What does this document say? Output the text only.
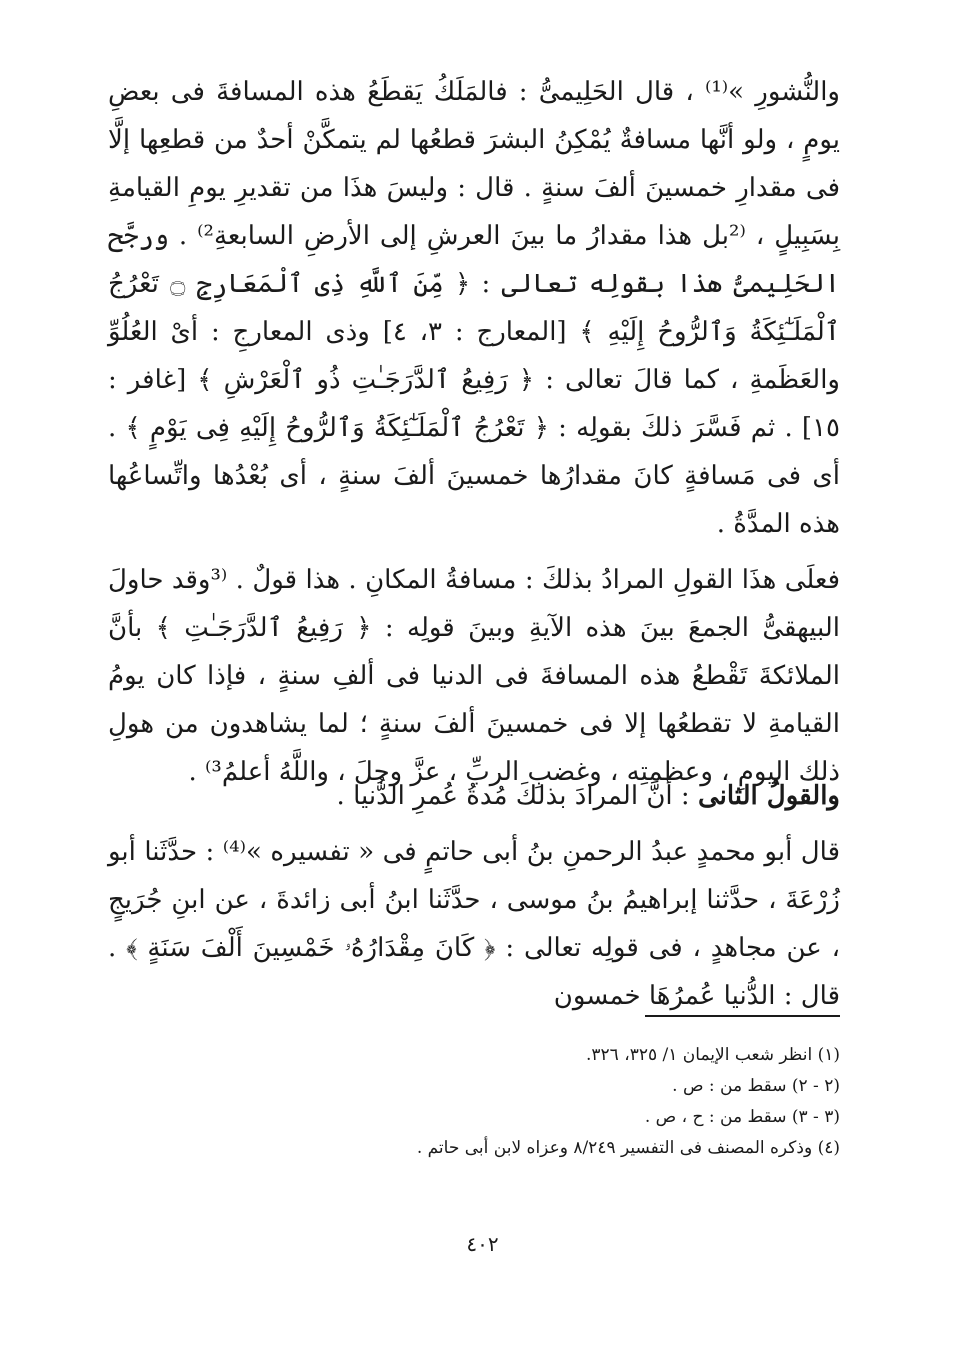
والنُّشورِ »⁽¹⁾ ، قال الحَلِيمىُّ : فالمَلَكُ يَقطَعُ هذه المسافةَ فى بعضِ يومٍ ، ولو أنَّها مسافةٌ يُمْكِنُ البشرَ قطعُها لم يتمكَّنْ أحدٌ من قطعِها إلَّا فى مقدارِ خمسينَ ألفَ سنةٍ . قال : وليسَ هذَا من تقديرِ يومِ القيامةِ بِسَبِيلٍ ، ⁽²بل هذا مقدارُ ما بينَ العرشِ إلى الأرضِ السابعةِ²⁾ . ورجَّح الحَلِيمىُّ هذا بقولِه تعالى : ﴿ مِّنَ ٱللَّهِ ذِى ٱلْمَعَارِجِ ۝ تَعْرُجُ ٱلْمَلَـٰٓئِكَةُ وَٱلرُّوحُ إِلَيْهِ ﴾ [المعارج : ٣، ٤] وذى المعارجِ : أىْ العُلُوِّ والعَظَمةِ ، كما قالَ تعالى : ﴿ رَفِيعُ ٱلدَّرَجَـٰتِ ذُو ٱلْعَرْشِ ﴾ [غافر : ١٥] . ثم فَسَّرَ ذلكَ بقولِه : ﴿ تَعْرُجُ ٱلْمَلَـٰٓئِكَةُ وَٱلرُّوحُ إِلَيْهِ فِى يَوْمٍ ﴾ . أى فى مَسافةٍ كانَ مقدارُها خمسينَ ألفَ سنةٍ ، أى بُعْدُها واتِّساعُها هذه المدَّةُ .

فعلَى هذَا القولِ المرادُ بذلكَ : مسافةُ المكانِ . هذا قولٌ . ⁽³وقد حاولَ البيهقىُّ الجمعَ بينَ هذه الآيةِ وبينَ قولِه : ﴿ رَفِيعُ ٱلدَّرَجَـٰتِ ﴾ بأنَّ الملائكةَ تَقْطعُ هذه المسافةَ فى الدنيا فى ألفِ سنةٍ ، فإذا كان يومُ القيامةِ لا تقطعُها إلا فى خمسينَ ألفَ سنةٍ ؛ لما يشاهدون من هولِ ذلك اليومِ ، وعظمتِه ، وغضبِ الربِّ ، عزَّ وجلَ ، واللَّهُ أعلمُ³⁾ .

والقولُ الثانى : أنَّ المرادَ بذلكَ مُدةُ عُمرِ الدُّنيا .

قال أبو محمدٍ عبدُ الرحمنِ بنُ أبى حاتمٍ فى « تفسيره »⁽⁴⁾ : حدَّثَنا أبو زُرْعَةَ ، حدَّثنا إبراهيمُ بنُ موسى ، حدَّثَنا ابنُ أبى زائدةَ ، عن ابنِ جُرَيجٍ ، عن مجاهدٍ ، فى قولِه تعالى : ﴿ كَانَ مِقْدَارُهُۥ خَمْسِينَ أَلْفَ سَنَةٍ ﴾ . قال : الدُّنيا عُمرُهَا خمسون

(١) انظر شعب الإيمان ١/ ٣٢٥، ٣٢٦.

(٢ - ٢) سقط من : ص .

(٣ - ٣) سقط من : ح ، ص .

(٤) وذكره المصنف فى التفسير ٨/٢٤٩ وعزاه لابن أبى حاتم .

٤٠٢
